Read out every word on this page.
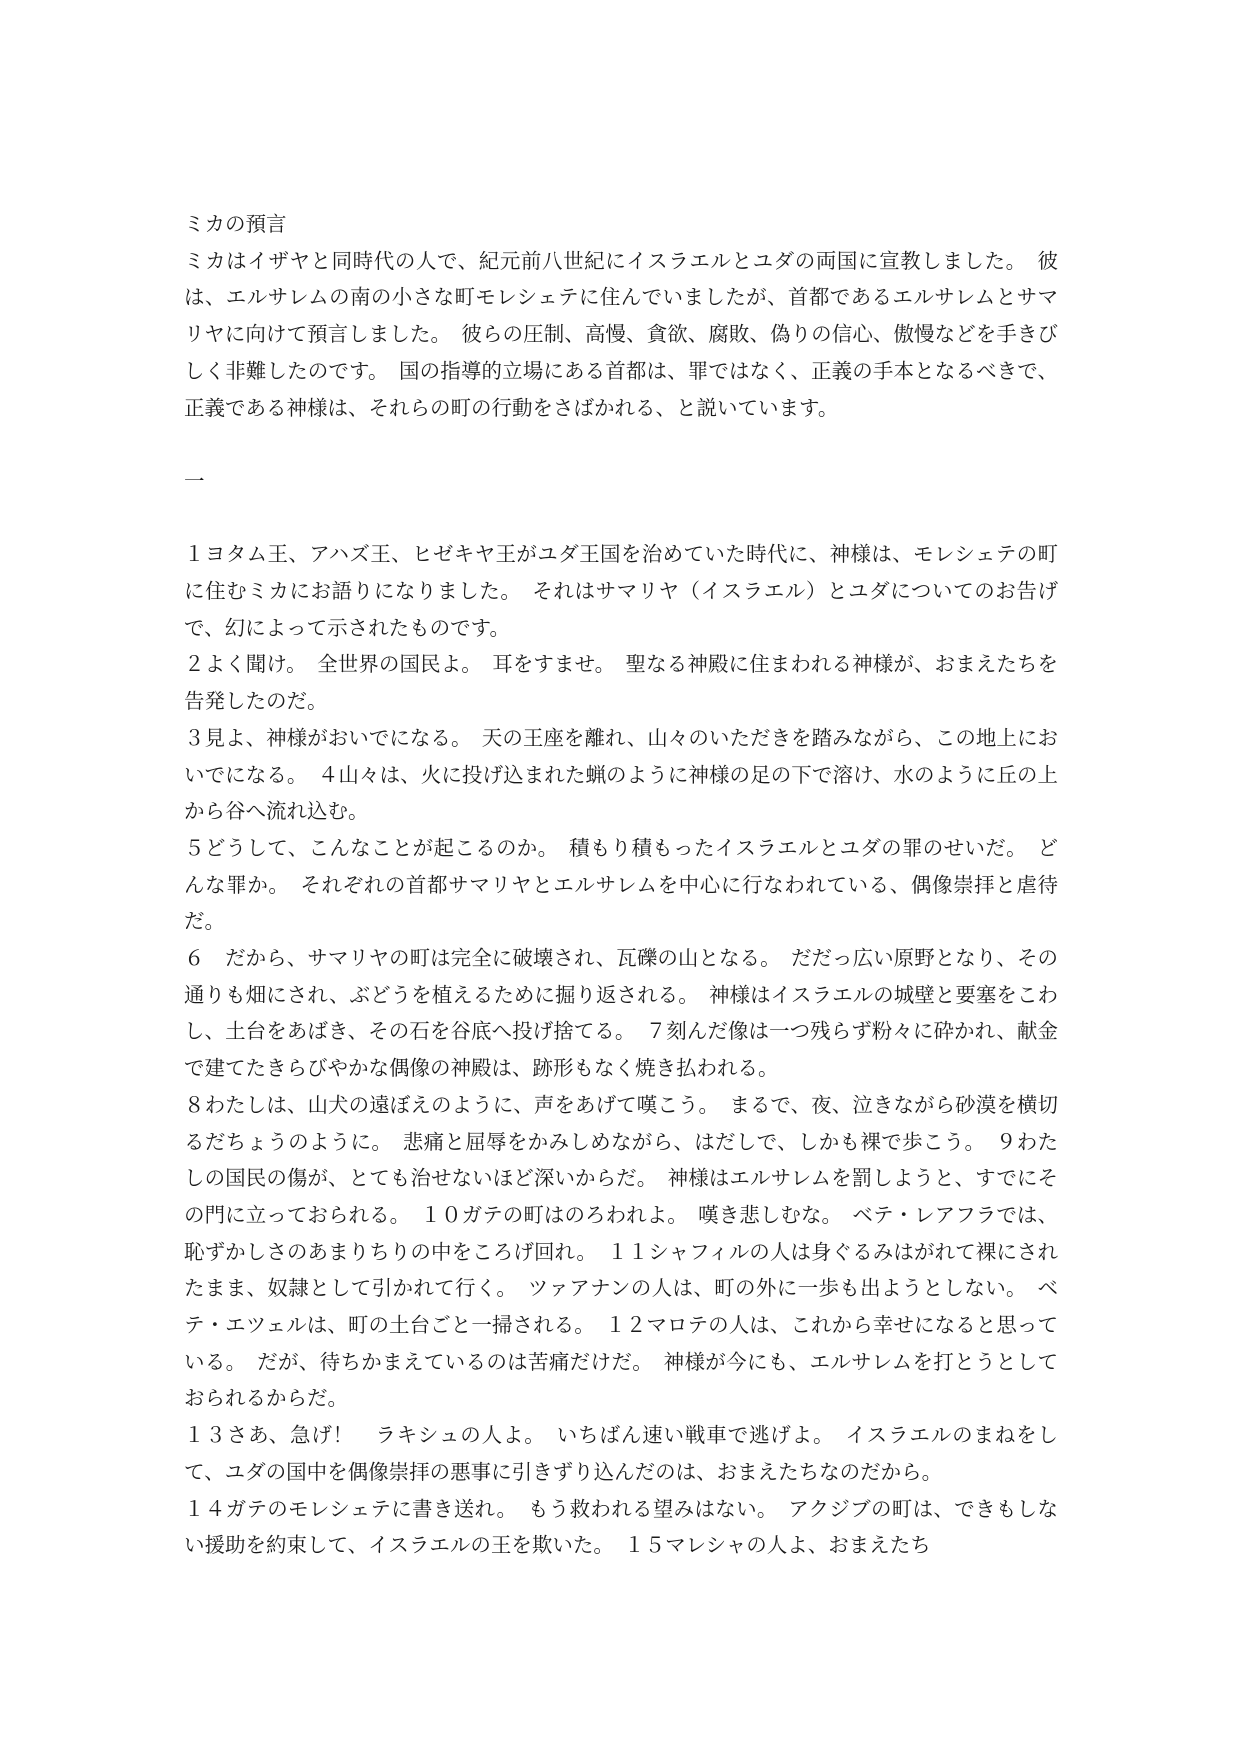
ミカの預言

ミカはイザヤと同時代の人で、紀元前八世紀にイスラエルとユダの両国に宣教しました。　彼は、エルサレムの南の小さな町モレシェテに住んでいましたが、首都であるエルサレムとサマリヤに向けて預言しました。　彼らの圧制、高慢、貪欲、腐敗、偽りの信心、傲慢などを手きびしく非難したのです。　国の指導的立場にある首都は、罪ではなく、正義の手本となるべきで、正義である神様は、それらの町の行動をさばかれる、と説いています。

一

１ヨタム王、アハズ王、ヒゼキヤ王がユダ王国を治めていた時代に、神様は、モレシェテの町に住むミカにお語りになりました。　それはサマリヤ（イスラエル）とユダについてのお告げで、幻によって示されたものです。

２よく聞け。　全世界の国民よ。　耳をすませ。　聖なる神殿に住まわれる神様が、おまえたちを告発したのだ。

３見よ、神様がおいでになる。　天の王座を離れ、山々のいただきを踏みながら、この地上においでになる。　４山々は、火に投げ込まれた蝋のように神様の足の下で溶け、水のように丘の上から谷へ流れ込む。

５どうして、こんなことが起こるのか。　積もり積もったイスラエルとユダの罪のせいだ。　どんな罪か。　それぞれの首都サマリヤとエルサレムを中心に行なわれている、偶像崇拝と虐待だ。

６　だから、サマリヤの町は完全に破壊され、瓦礫の山となる。　だだっ広い原野となり、その通りも畑にされ、ぶどうを植えるために掘り返される。　神様はイスラエルの城壁と要塞をこわし、土台をあばき、その石を谷底へ投げ捨てる。　７刻んだ像は一つ残らず粉々に砕かれ、献金で建てたきらびやかな偶像の神殿は、跡形もなく焼き払われる。

８わたしは、山犬の遠ぼえのように、声をあげて嘆こう。　まるで、夜、泣きながら砂漠を横切るだちょうのように。　悲痛と屈辱をかみしめながら、はだしで、しかも裸で歩こう。　９わたしの国民の傷が、とても治せないほど深いからだ。　神様はエルサレムを罰しようと、すでにその門に立っておられる。　１０ガテの町はのろわれよ。　嘆き悲しむな。　ベテ・レアフラでは、恥ずかしさのあまりちりの中をころげ回れ。　１１シャフィルの人は身ぐるみはがれて裸にされたまま、奴隷として引かれて行く。　ツァアナンの人は、町の外に一歩も出ようとしない。　ベテ・エツェルは、町の土台ごと一掃される。　１２マロテの人は、これから幸せになると思っている。　だが、待ちかまえているのは苦痛だけだ。　神様が今にも、エルサレムを打とうとしておられるからだ。

１３さあ、急げ！　ラキシュの人よ。　いちばん速い戦車で逃げよ。　イスラエルのまねをして、ユダの国中を偶像崇拝の悪事に引きずり込んだのは、おまえたちなのだから。

１４ガテのモレシェテに書き送れ。　もう救われる望みはない。　アクジブの町は、できもしない援助を約束して、イスラエルの王を欺いた。　１５マレシャの人よ、おまえたち
